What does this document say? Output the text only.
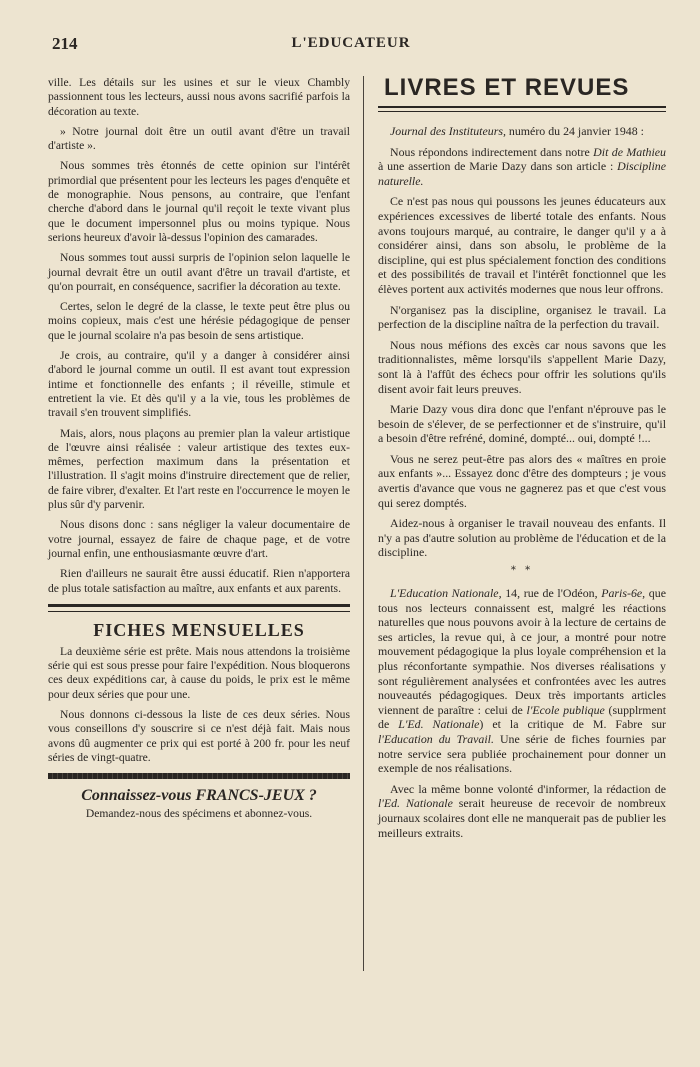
214	L'EDUCATEUR

ville. Les détails sur les usines et sur le vieux Chambly passionnent tous les lecteurs, aussi nous avons sacrifié parfois la décoration au texte.

» Notre journal doit être un outil avant d'être un travail d'artiste ».

Nous sommes très étonnés de cette opinion sur l'intérêt primordial que présentent pour les lecteurs les pages d'enquête et de monographie. Nous pensons, au contraire, que l'enfant cherche d'abord dans le journal qu'il reçoit le texte vivant plus que le document impersonnel plus ou moins typique. Nous serions heureux d'avoir là-dessus l'opinion des camarades.

Nous sommes tout aussi surpris de l'opinion selon laquelle le journal devrait être un outil avant d'être un travail d'artiste, et qu'on pourrait, en conséquence, sacrifier la décoration au texte.

Certes, selon le degré de la classe, le texte peut être plus ou moins copieux, mais c'est une hérésie pédagogique de penser que le journal scolaire n'a pas besoin de sens artistique.

Je crois, au contraire, qu'il y a danger à considérer ainsi d'abord le journal comme un outil. Il est avant tout expression intime et fonctionnelle des enfants ; il réveille, stimule et entretient la vie. Et dès qu'il y a la vie, tous les problèmes de travail s'en trouvent simplifiés.

Mais, alors, nous plaçons au premier plan la valeur artistique de l'œuvre ainsi réalisée : valeur artistique des textes eux-mêmes, perfection maximum dans la présentation et l'illustration. Il s'agit moins d'instruire directement que de relier, de faire vibrer, d'exalter. Et l'art reste en l'occurrence le moyen le plus sûr d'y parvenir.

Nous disons donc : sans négliger la valeur documentaire de votre journal, essayez de faire de chaque page, et de votre journal enfin, une enthousiasmante œuvre d'art.

Rien d'ailleurs ne saurait être aussi éducatif. Rien n'apportera de plus totale satisfaction au maître, aux enfants et aux parents.

FICHES MENSUELLES

La deuxième série est prête. Mais nous attendons la troisième série qui est sous presse pour faire l'expédition. Nous bloquerons ces deux expéditions car, à cause du poids, le prix est le même pour deux séries que pour une.

Nous donnons ci-dessous la liste de ces deux séries. Nous vous conseillons d'y souscrire si ce n'est déjà fait. Mais nous avons dû augmenter ce prix qui est porté à 200 fr. pour les neuf séries de vingt-quatre.

Connaissez-vous FRANCS-JEUX ?

Demandez-nous des spécimens et abonnez-vous.

LIVRES ET REVUES

Journal des Instituteurs, numéro du 24 janvier 1948 :

Nous répondons indirectement dans notre Dit de Mathieu à une assertion de Marie Dazy dans son article : Discipline naturelle.

Ce n'est pas nous qui poussons les jeunes éducateurs aux expériences excessives de liberté totale des enfants. Nous avons toujours marqué, au contraire, le danger qu'il y a à considérer ainsi, dans son absolu, le problème de la discipline, qui est plus spécialement fonction des conditions et des possibilités de travail et l'intérêt fonctionnel que les élèves portent aux activités modernes que nous leur offrons.

N'organisez pas la discipline, organisez le travail. La perfection de la discipline naîtra de la perfection du travail.

Nous nous méfions des excès car nous savons que les traditionnalistes, même lorsqu'ils s'appellent Marie Dazy, sont là à l'affût des échecs pour offrir les solutions qu'ils disent avoir fait leurs preuves.

Marie Dazy vous dira donc que l'enfant n'éprouve pas le besoin de s'élever, de se perfectionner et de s'instruire, qu'il a besoin d'être refréné, dominé, dompté... oui, dompté !...

Vous ne serez peut-être pas alors des « maîtres en proie aux enfants »... Essayez donc d'être des dompteurs ; je vous avertis d'avance que vous ne gagnerez pas et que c'est vous qui serez domptés.

Aidez-nous à organiser le travail nouveau des enfants. Il n'y a pas d'autre solution au problème de l'éducation et de la discipline.

* *

L'Education Nationale, 14, rue de l'Odéon, Paris-6e, que tous nos lecteurs connaissent est, malgré les réactions naturelles que nous pouvons avoir à la lecture de certains de ses articles, la revue qui, à ce jour, a montré pour notre mouvement pédagogique la plus loyale compréhension et la plus réconfortante sympathie. Nos diverses réalisations y sont régulièrement analysées et confrontées avec les autres nouveautés pédagogiques. Deux très importants articles viennent de paraître : celui de l'Ecole publique (supplrment de L'Ed. Nationale) et la critique de M. Fabre sur l'Education du Travail. Une série de fiches fournies par notre service sera publiée prochainement pour donner un exemple de nos réalisations.

Avec la même bonne volonté d'informer, la rédaction de l'Ed. Nationale serait heureuse de recevoir de nombreux journaux scolaires dont elle ne manquerait pas de publier les meilleurs extraits.
